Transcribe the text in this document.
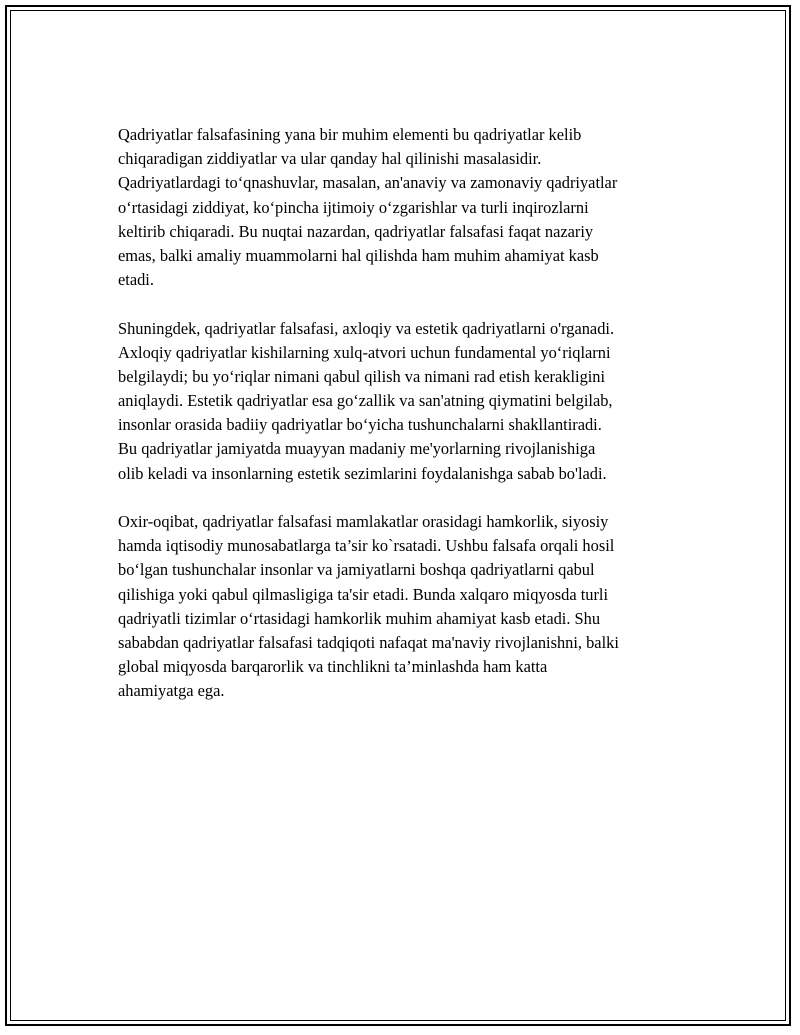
Qadriyatlar falsafasining yana bir muhim elementi bu qadriyatlar kelib
chiqaradigan ziddiyatlar va ular qanday hal qilinishi masalasidir.
Qadriyatlardagi to‘qnashuvlar, masalan, an'anaviy va zamonaviy qadriyatlar
o‘rtasidagi ziddiyat, ko‘pincha ijtimoiy o‘zgarishlar va turli inqirozlarni
keltirib chiqaradi. Bu nuqtai nazardan, qadriyatlar falsafasi faqat nazariy
emas, balki amaliy muammolarni hal qilishda ham muhim ahamiyat kasb
etadi.
Shuningdek, qadriyatlar falsafasi, axloqiy va estetik qadriyatlarni o'rganadi.
Axloqiy qadriyatlar kishilarning xulq-atvori uchun fundamental yo‘riqlarni
belgilaydi; bu yo‘riqlar nimani qabul qilish va nimani rad etish kerakligini
aniqlaydi. Estetik qadriyatlar esa go‘zallik va san'atning qiymatini belgilab,
insonlar orasida badiiy qadriyatlar bo‘yicha tushunchalarni shakllantiradi.
Bu qadriyatlar jamiyatda muayyan madaniy me'yorlarning rivojlanishiga
olib keladi va insonlarning estetik sezimlarini foydalanishga sabab bo'ladi.
Oxir-oqibat, qadriyatlar falsafasi mamlakatlar orasidagi hamkorlik, siyosiy
hamda iqtisodiy munosabatlarga ta’sir ko`rsatadi. Ushbu falsafa orqali hosil
bo‘lgan tushunchalar insonlar va jamiyatlarni boshqa qadriyatlarni qabul
qilishiga yoki qabul qilmasligiga ta'sir etadi. Bunda xalqaro miqyosda turli
qadriyatli tizimlar o‘rtasidagi hamkorlik muhim ahamiyat kasb etadi. Shu
sababdan qadriyatlar falsafasi tadqiqoti nafaqat ma'naviy rivojlanishni, balki
global miqyosda barqarorlik va tinchlikni ta’minlashda ham katta
ahamiyatga ega.
